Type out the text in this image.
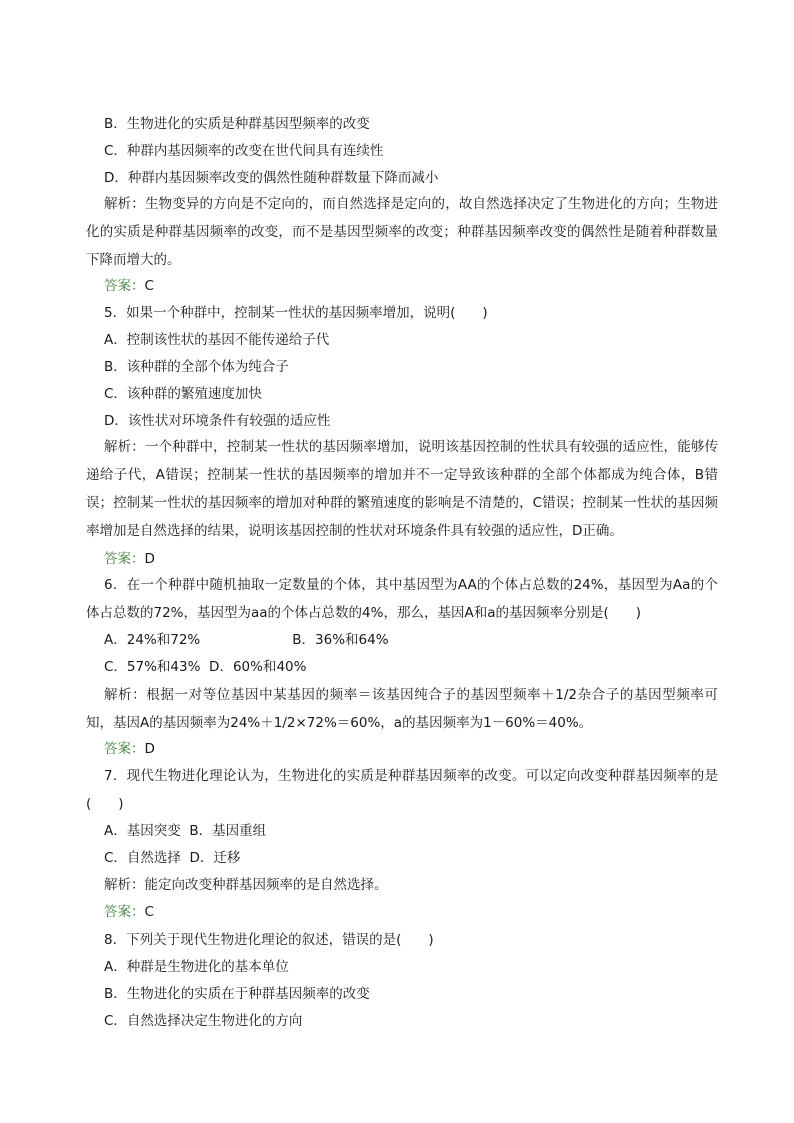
B．生物进化的实质是种群基因型频率的改变
C．种群内基因频率的改变在世代间具有连续性
D．种群内基因频率改变的偶然性随种群数量下降而减小
解析：生物变异的方向是不定向的，而自然选择是定向的，故自然选择决定了生物进化的方向；生物进化的实质是种群基因频率的改变，而不是基因型频率的改变；种群基因频率改变的偶然性是随着种群数量下降而增大的。
答案：C
5．如果一个种群中，控制某一性状的基因频率增加，说明(　　)
A．控制该性状的基因不能传递给子代
B．该种群的全部个体为纯合子
C．该种群的繁殖速度加快
D．该性状对环境条件有较强的适应性
解析：一个种群中，控制某一性状的基因频率增加，说明该基因控制的性状具有较强的适应性，能够传递给子代，A错误；控制某一性状的基因频率的增加并不一定导致该种群的全部个体都成为纯合体，B错误；控制某一性状的基因频率的增加对种群的繁殖速度的影响是不清楚的，C错误；控制某一性状的基因频率增加是自然选择的结果，说明该基因控制的性状对环境条件具有较强的适应性，D正确。
答案：D
6．在一个种群中随机抽取一定数量的个体，其中基因型为AA的个体占总数的24%，基因型为Aa的个体占总数的72%，基因型为aa的个体占总数的4%，那么，基因A和a的基因频率分别是(　　)
A．24%和72%	B．36%和64%
C．57%和43% D．60%和40%
解析：根据一对等位基因中某基因的频率＝该基因纯合子的基因型频率＋1/2杂合子的基因型频率可知，基因A的基因频率为24%＋1/2×72%＝60%，a的基因频率为1－60%＝40%。
答案：D
7．现代生物进化理论认为，生物进化的实质是种群基因频率的改变。可以定向改变种群基因频率的是(　　)
A．基因突变 B．基因重组
C．自然选择 D．迁移
解析：能定向改变种群基因频率的是自然选择。
答案：C
8．下列关于现代生物进化理论的叙述，错误的是(　　)
A．种群是生物进化的基本单位
B．生物进化的实质在于种群基因频率的改变
C．自然选择决定生物进化的方向
